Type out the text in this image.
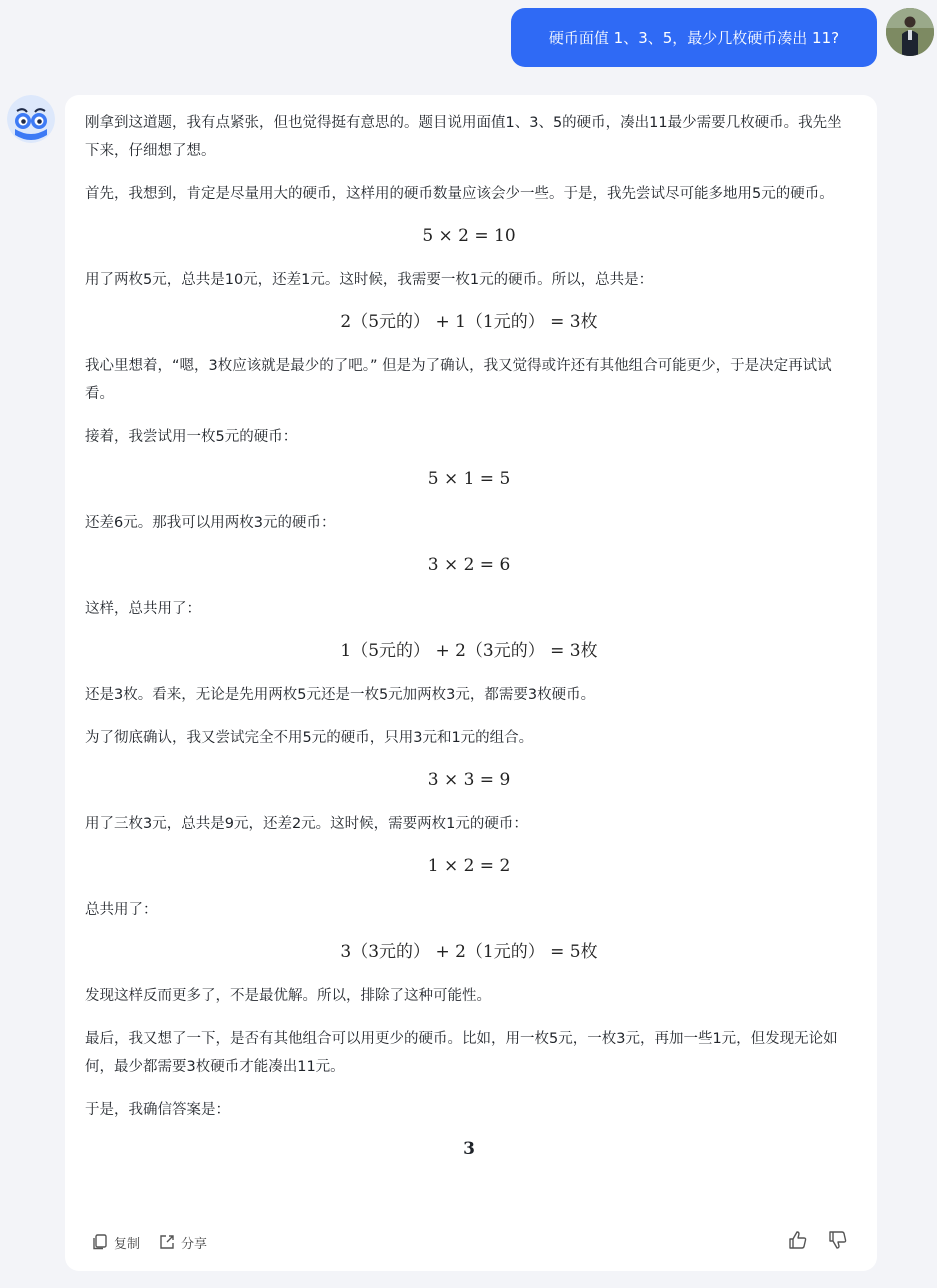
硬币面值 1、3、5，最少几枚硬币凑出 11?

刚拿到这道题，我有点紧张，但也觉得挺有意思的。题目说用面值1、3、5的硬币，凑出11最少需要几枚硬币。我先坐下来，仔细想了想。

首先，我想到，肯定是尽量用大的硬币，这样用的硬币数量应该会少一些。于是，我先尝试尽可能多地用5元的硬币。

5 × 2 = 10

用了两枚5元，总共是10元，还差1元。这时候，我需要一枚1元的硬币。所以，总共是：

2（5元的） + 1（1元的） = 3枚

我心里想着，“嗯，3枚应该就是最少的了吧。” 但是为了确认，我又觉得或许还有其他组合可能更少，于是决定再试试看。

接着，我尝试用一枚5元的硬币：

5 × 1 = 5

还差6元。那我可以用两枚3元的硬币：

3 × 2 = 6

这样，总共用了：

1（5元的） + 2（3元的） = 3枚

还是3枚。看来，无论是先用两枚5元还是一枚5元加两枚3元，都需要3枚硬币。

为了彻底确认，我又尝试完全不用5元的硬币，只用3元和1元的组合。

3 × 3 = 9

用了三枚3元，总共是9元，还差2元。这时候，需要两枚1元的硬币：

1 × 2 = 2

总共用了：

3（3元的） + 2（1元的） = 5枚

发现这样反而更多了，不是最优解。所以，排除了这种可能性。

最后，我又想了一下，是否有其他组合可以用更少的硬币。比如，用一枚5元，一枚3元，再加一些1元，但发现无论如何，最少都需要3枚硬币才能凑出11元。

于是，我确信答案是：

3
复制	分享
